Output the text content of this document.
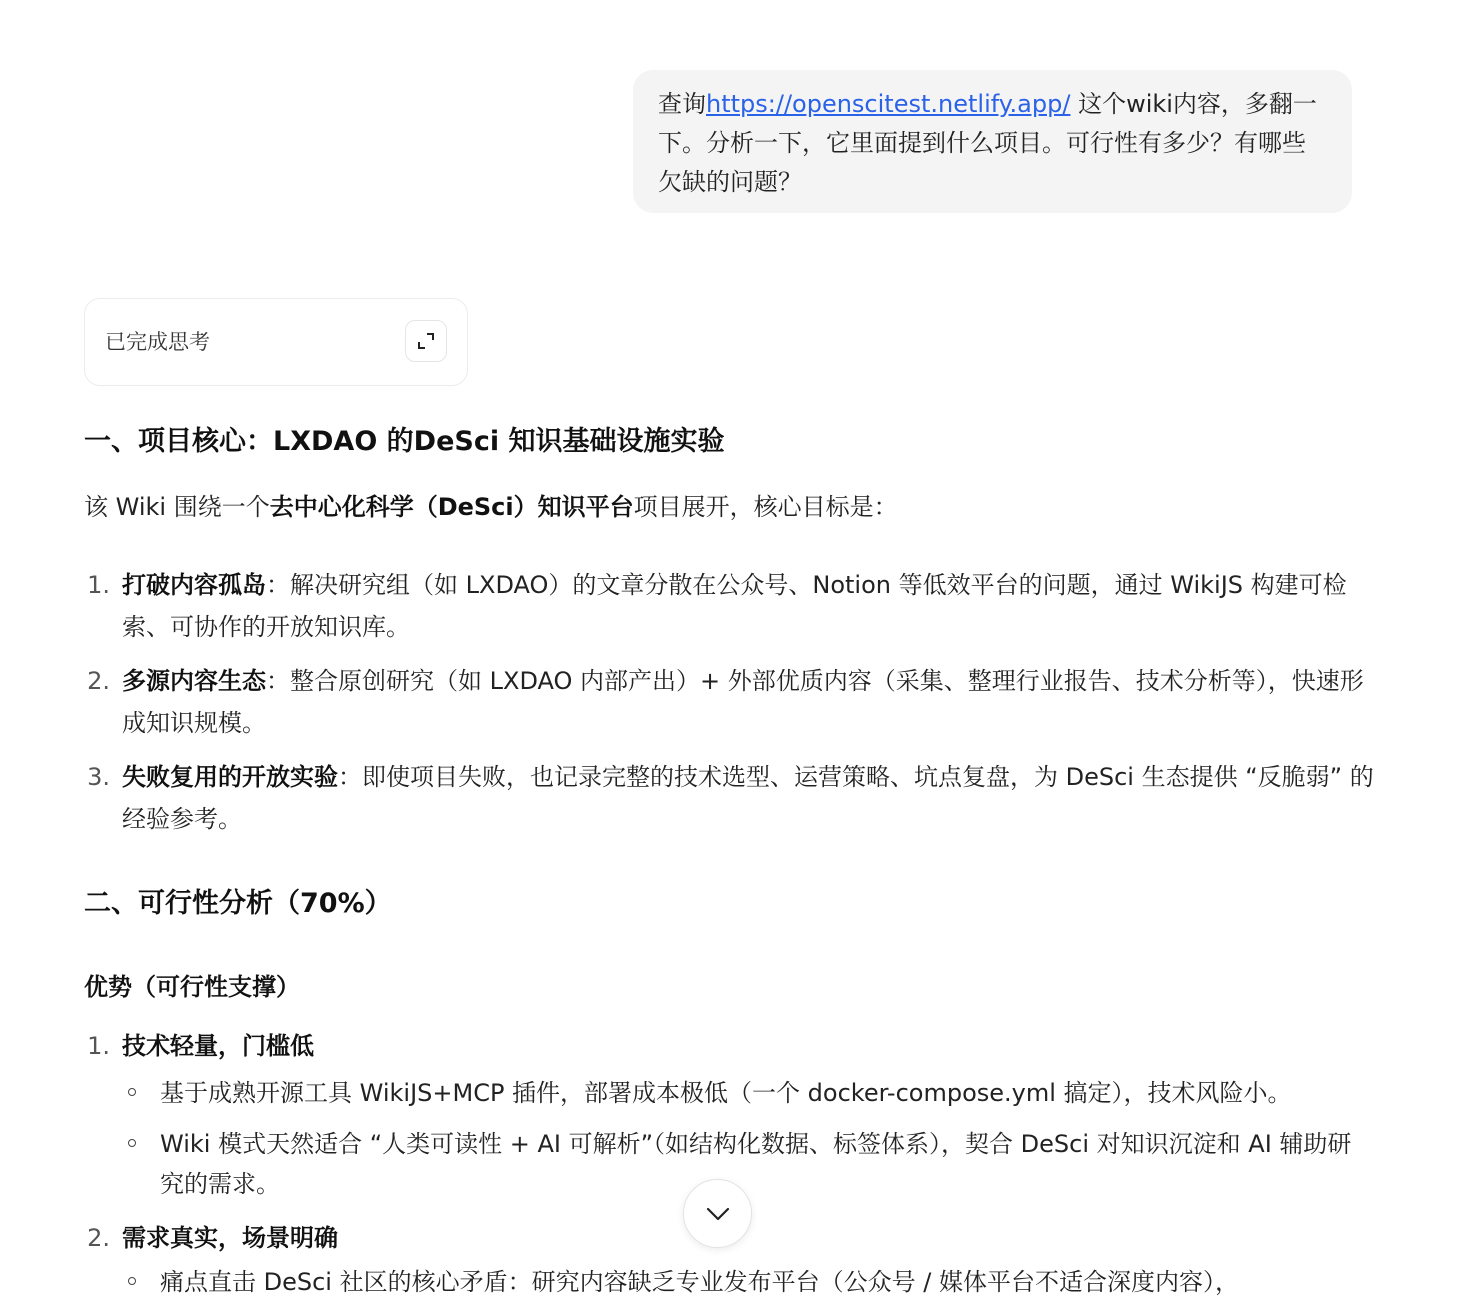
查询https://openscitest.netlify.app/ 这个wiki内容，多翻一下。分析一下，它里面提到什么项目。可行性有多少？有哪些欠缺的问题？
已完成思考
一、项目核心：LXDAO 的DeSci 知识基础设施实验

该 Wiki 围绕一个去中心化科学（DeSci）知识平台项目展开，核心目标是：

1. 打破内容孤岛：解决研究组（如 LXDAO）的文章分散在公众号、Notion 等低效平台的问题，通过 WikiJS 构建可检索、可协作的开放知识库。
2. 多源内容生态：整合原创研究（如 LXDAO 内部产出）+ 外部优质内容（采集、整理行业报告、技术分析等），快速形成知识规模。
3. 失败复用的开放实验：即使项目失败，也记录完整的技术选型、运营策略、坑点复盘，为 DeSci 生态提供 “反脆弱” 的经验参考。
二、可行性分析（70%）
优势（可行性支撑）
1. 技术轻量，门槛低
基于成熟开源工具 WikiJS+MCP 插件，部署成本极低（一个 docker-compose.yml 搞定），技术风险小。
Wiki 模式天然适合 “人类可读性 + AI 可解析”（如结构化数据、标签体系），契合 DeSci 对知识沉淀和 AI 辅助研究的需求。
2. 需求真实，场景明确
痛点直击 DeSci 社区的核心矛盾：研究内容缺乏专业发布平台（公众号 / 媒体平台不适合深度内容），
